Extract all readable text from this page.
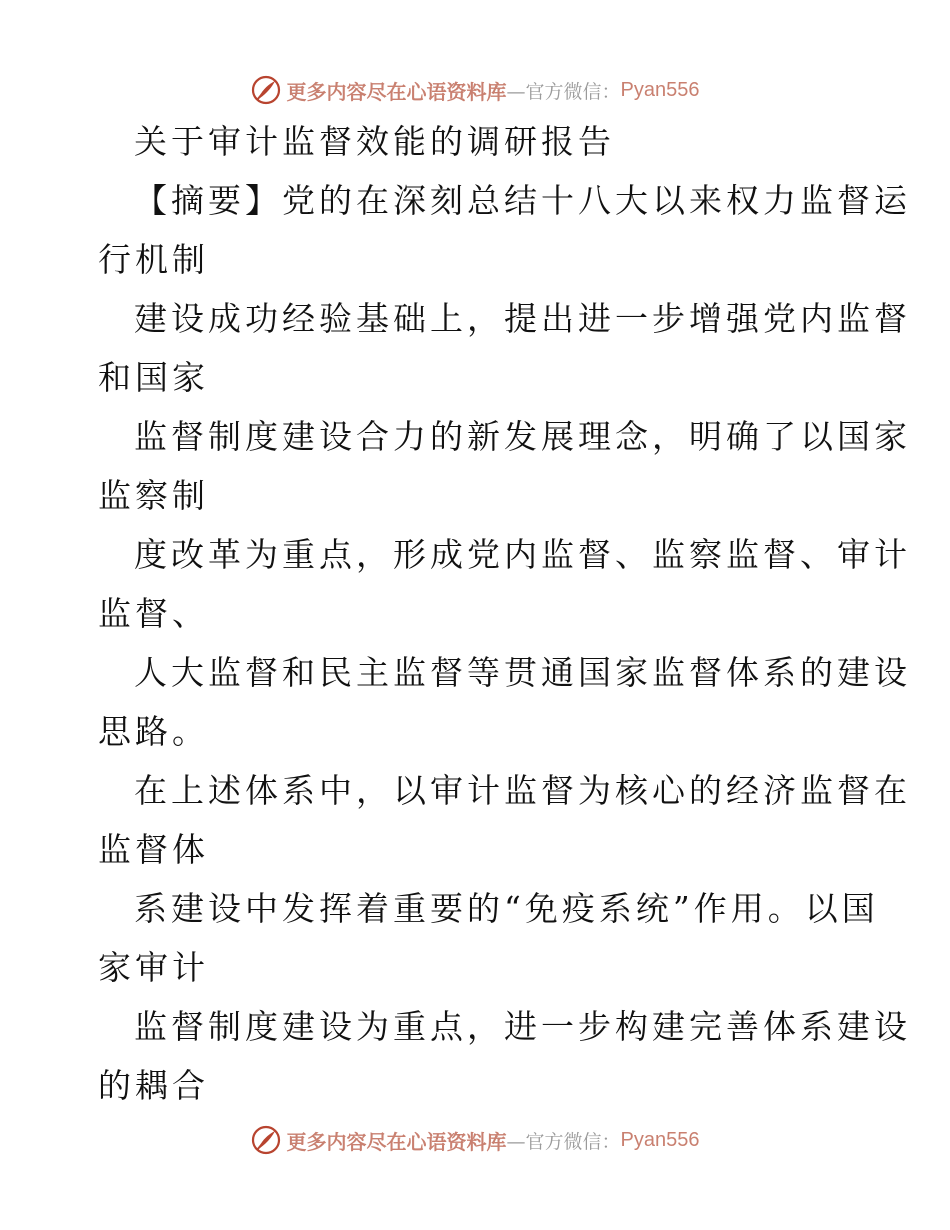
更多内容尽在心语资料库 —官方微信： Pyan556
关于审计监督效能的调研报告
【摘要】党的在深刻总结十八大以来权力监督运
行机制
建设成功经验基础上，提出进一步增强党内监督
和国家
监督制度建设合力的新发展理念，明确了以国家
监察制
度改革为重点，形成党内监督、监察监督、审计
监督、
人大监督和民主监督等贯通国家监督体系的建设
思路。
在上述体系中，以审计监督为核心的经济监督在
监督体
系建设中发挥着重要的“免疫系统”作用。以国
家审计
监督制度建设为重点，进一步构建完善体系建设
的耦合
更多内容尽在心语资料库 —官方微信： Pyan556
